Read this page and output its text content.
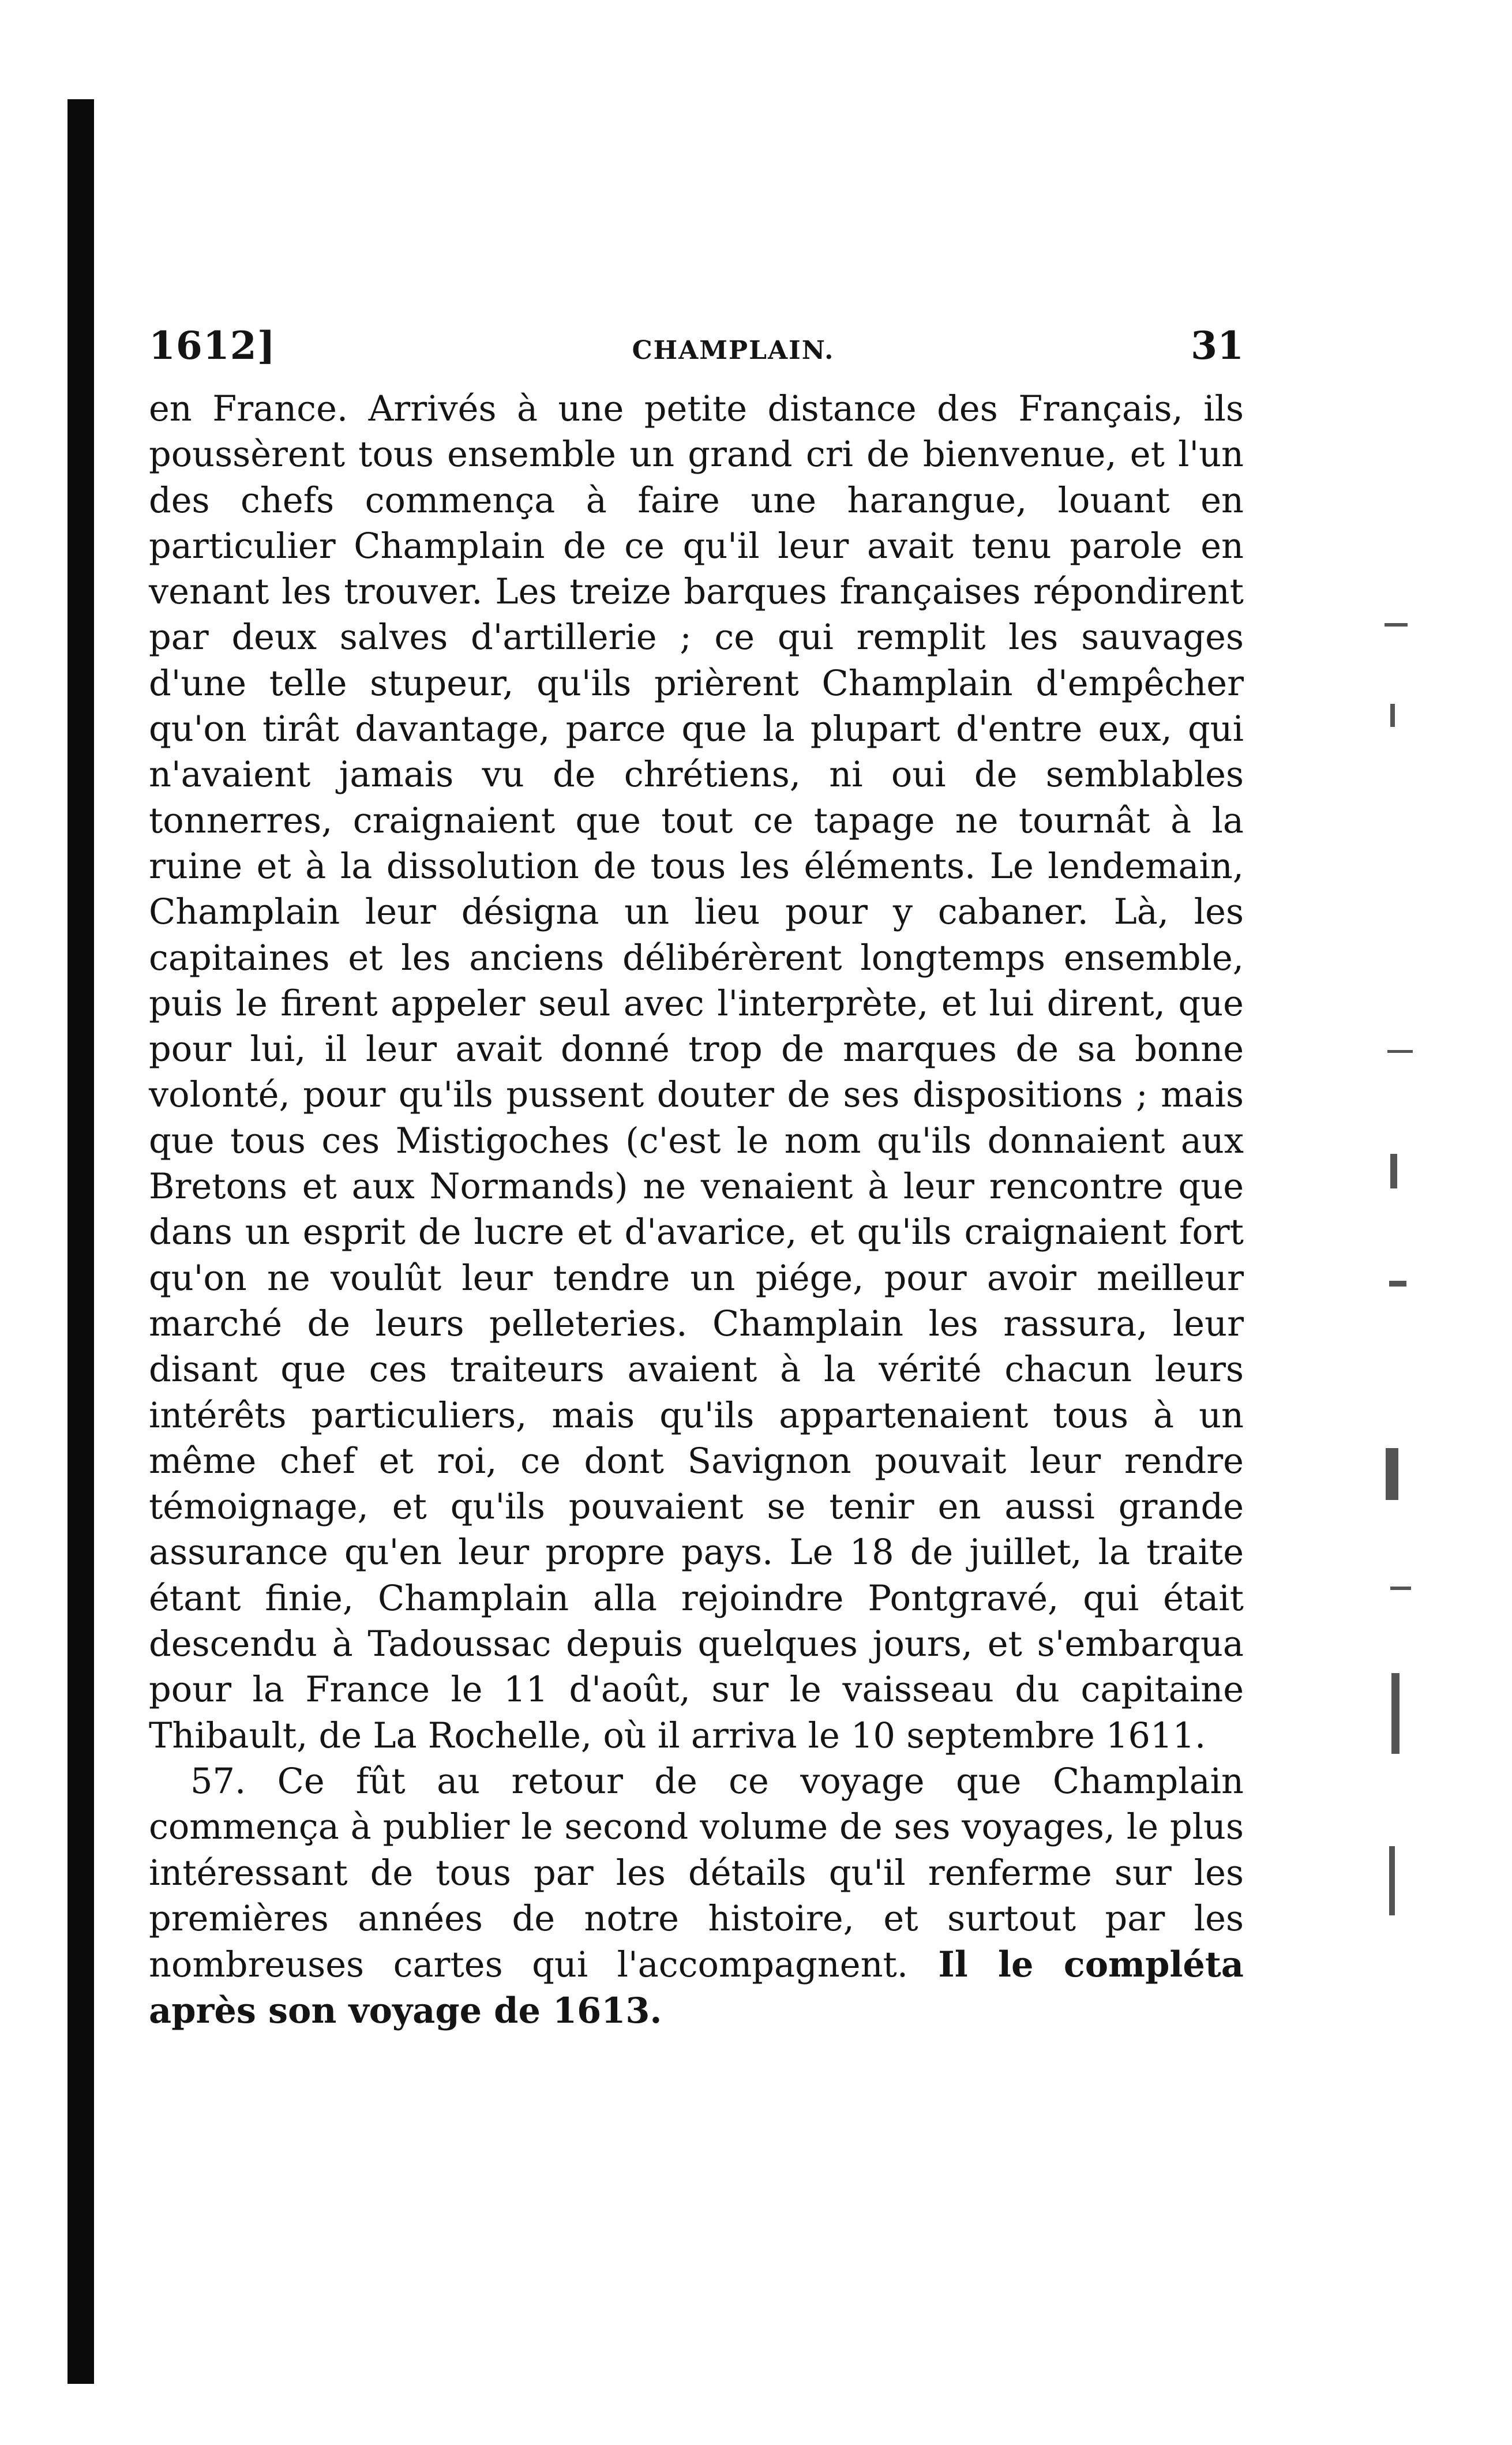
1612]	CHAMPLAIN.	31

en France. Arrivés à une petite distance des Français, ils poussèrent tous ensemble un grand cri de bienvenue, et l'un des chefs commença à faire une harangue, louant en particulier Champlain de ce qu'il leur avait tenu parole en venant les trouver. Les treize barques françaises répondirent par deux salves d'artillerie ; ce qui remplit les sauvages d'une telle stupeur, qu'ils prièrent Champlain d'empêcher qu'on tirât davantage, parce que la plupart d'entre eux, qui n'avaient jamais vu de chrétiens, ni oui de semblables tonnerres, craignaient que tout ce tapage ne tournât à la ruine et à la dissolution de tous les éléments. Le lendemain, Champlain leur désigna un lieu pour y cabaner. Là, les capitaines et les anciens délibérèrent longtemps ensemble, puis le firent appeler seul avec l'interprète, et lui dirent, que pour lui, il leur avait donné trop de marques de sa bonne volonté, pour qu'ils pussent douter de ses dispositions ; mais que tous ces Mistigoches (c'est le nom qu'ils donnaient aux Bretons et aux Normands) ne venaient à leur rencontre que dans un esprit de lucre et d'avarice, et qu'ils craignaient fort qu'on ne voulût leur tendre un piége, pour avoir meilleur marché de leurs pelleteries. Champlain les rassura, leur disant que ces traiteurs avaient à la vérité chacun leurs intérêts particuliers, mais qu'ils appartenaient tous à un même chef et roi, ce dont Savignon pouvait leur rendre témoignage, et qu'ils pouvaient se tenir en aussi grande assurance qu'en leur propre pays. Le 18 de juillet, la traite étant finie, Champlain alla rejoindre Pontgravé, qui était descendu à Tadoussac depuis quelques jours, et s'embarqua pour la France le 11 d'août, sur le vaisseau du capitaine Thibault, de La Rochelle, où il arriva le 10 septembre 1611.

57. Ce fût au retour de ce voyage que Champlain commença à publier le second volume de ses voyages, le plus intéressant de tous par les détails qu'il renferme sur les premières années de notre histoire, et surtout par les nombreuses cartes qui l'accompagnent. Il le compléta après son voyage de 1613.
